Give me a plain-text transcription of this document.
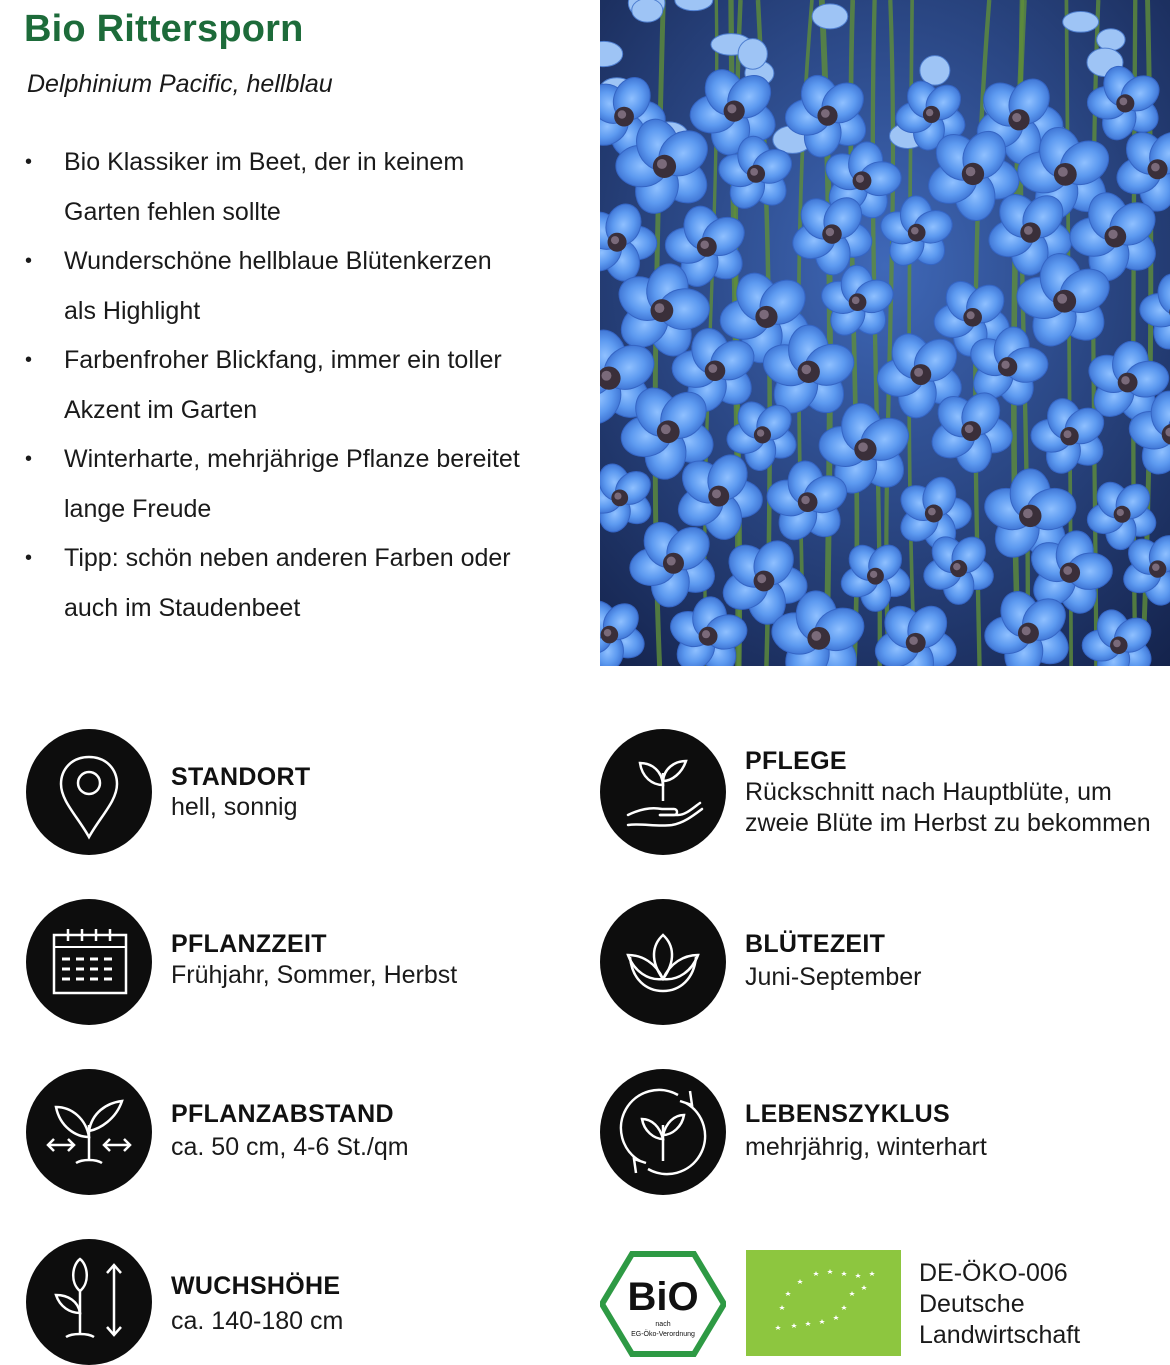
Bio Rittersporn
Delphinium Pacific, hellblau
• Bio Klassiker im Beet, der in keinem
Garten fehlen sollte
• Wunderschöne hellblaue Blütenkerzen
als Highlight
• Farbenfroher Blickfang, immer ein toller
Akzent im Garten
• Winterharte, mehrjährige Pflanze bereitet
lange Freude
• Tipp: schön neben anderen Farben oder
auch im Staudenbeet
STANDORT
hell, sonnig
PFLEGE
Rückschnitt nach Hauptblüte, um
zweie Blüte im Herbst zu bekommen
PFLANZZEIT
Frühjahr, Sommer, Herbst
BLÜTEZEIT
Juni-September
PFLANZABSTAND
ca. 50 cm, 4-6 St./qm
LEBENSZYKLUS
mehrjährig, winterhart
WUCHSHÖHE
ca. 140-180 cm
BiO
nach
EG-Öko-Verordnung
DE-ÖKO-006
Deutsche
Landwirtschaft
